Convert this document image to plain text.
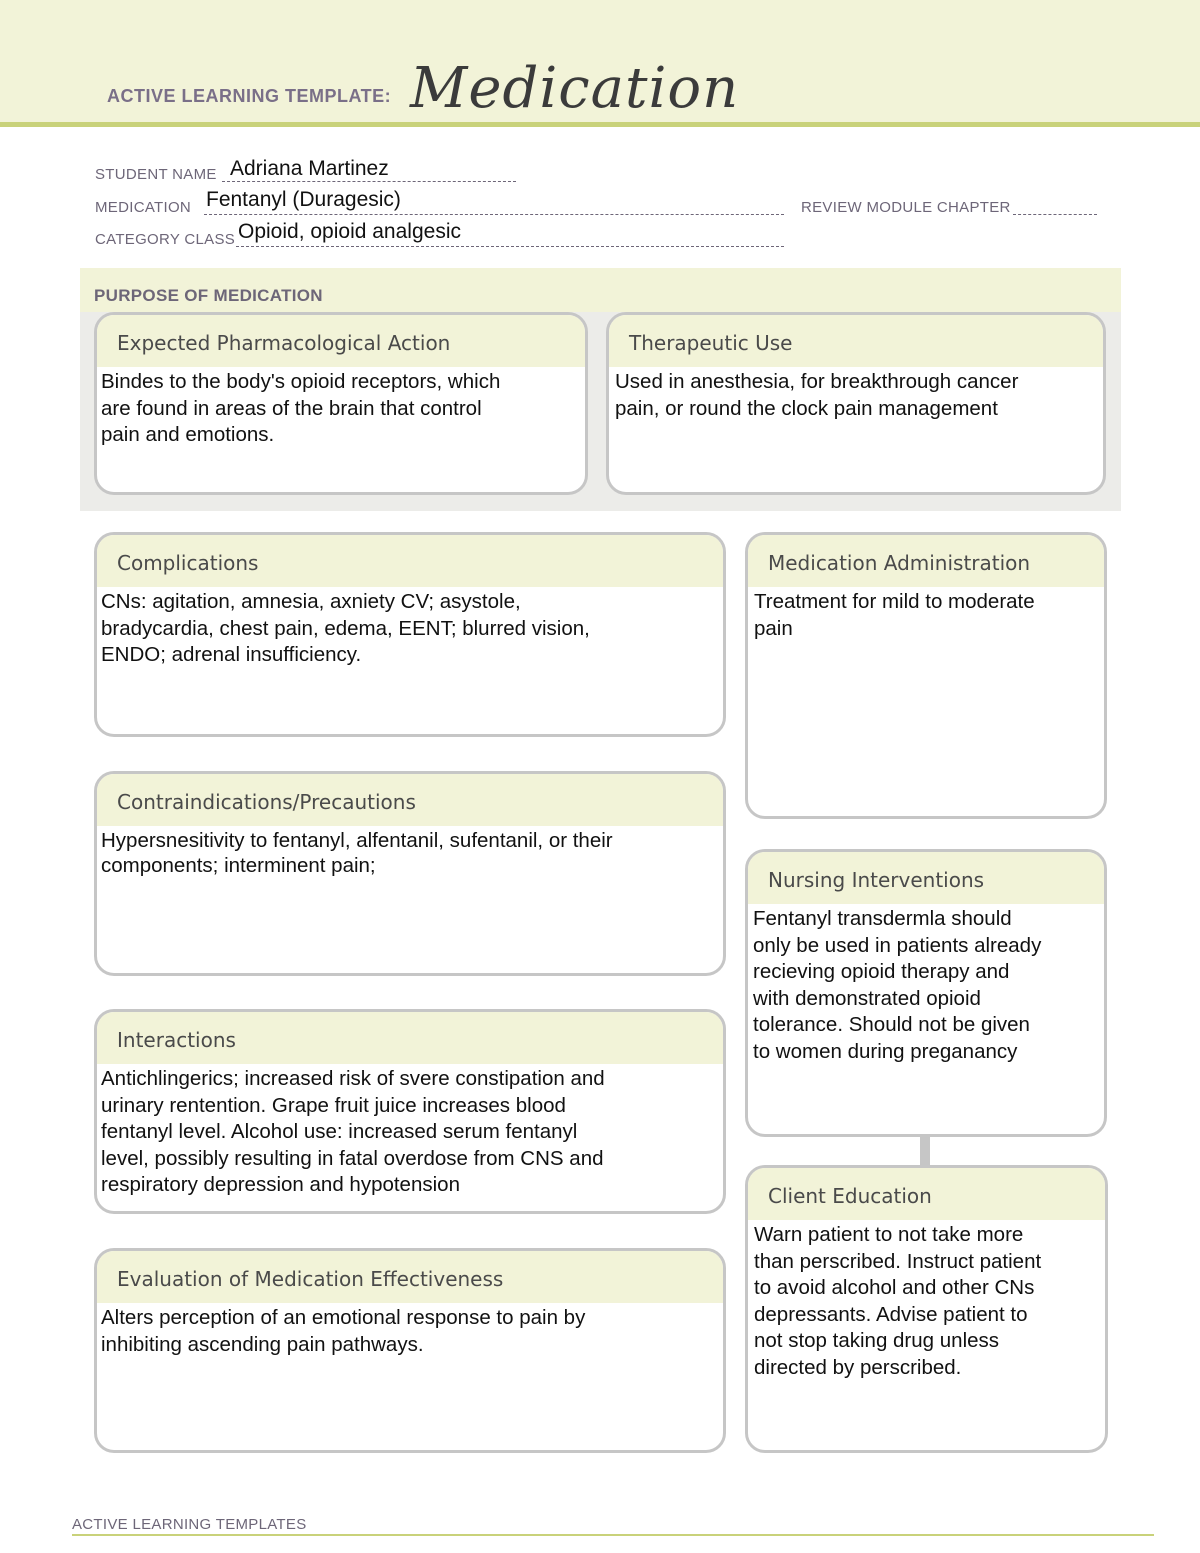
ACTIVE LEARNING TEMPLATE: Medication
STUDENT NAME Adriana Martinez
MEDICATION Fentanyl (Duragesic)	REVIEW MODULE CHAPTER
CATEGORY CLASS Opioid, opioid analgesic
PURPOSE OF MEDICATION
Expected Pharmacological Action
Bindes to the body's opioid receptors, which
are found in areas of the brain that control
pain and emotions.
Therapeutic Use
Used in anesthesia, for breakthrough cancer
pain, or round the clock pain management
Complications
CNs: agitation, amnesia, axniety CV; asystole,
bradycardia, chest pain, edema, EENT; blurred vision,
ENDO; adrenal insufficiency.
Contraindications/Precautions
Hypersnesitivity to fentanyl, alfentanil, sufentanil, or their
components; interminent pain;
Interactions
Antichlingerics; increased risk of svere constipation and
urinary rentention. Grape fruit juice increases blood
fentanyl level. Alcohol use: increased serum fentanyl
level, possibly resulting in fatal overdose from CNS and
respiratory depression and hypotension
Evaluation of Medication Effectiveness
Alters perception of an emotional response to pain by
inhibiting ascending pain pathways.
Medication Administration
Treatment for mild to moderate
pain
Nursing Interventions
Fentanyl transdermla should
only be used in patients already
recieving opioid therapy and
with demonstrated opioid
tolerance. Should not be given
to women during preganancy
Client Education
Warn patient to not take more
than perscribed. Instruct patient
to avoid alcohol and other CNs
depressants. Advise patient to
not stop taking drug unless
directed by perscribed.
ACTIVE LEARNING TEMPLATES
